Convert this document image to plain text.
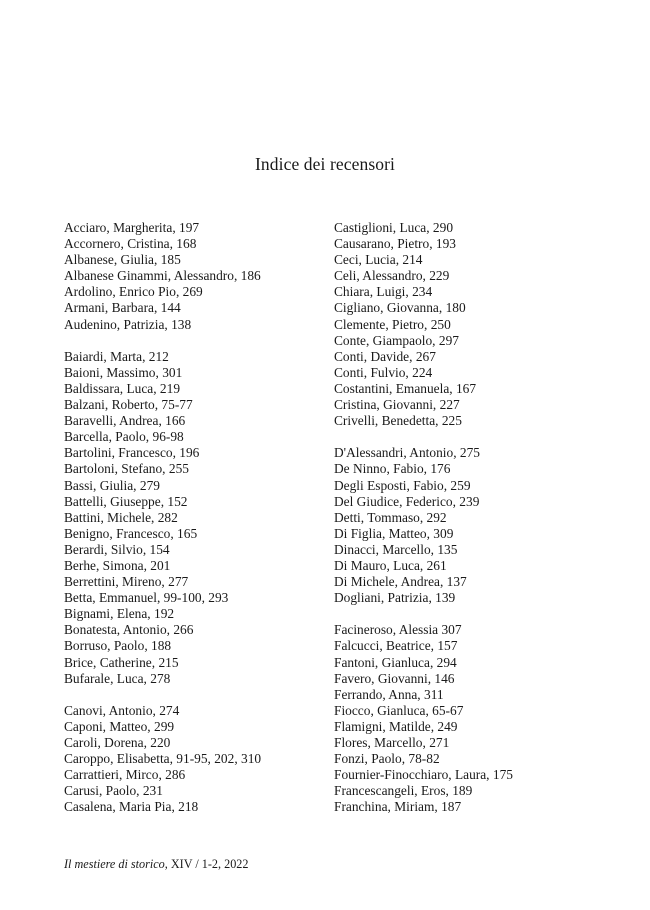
Indice dei recensori
Acciaro, Margherita, 197
Accornero, Cristina, 168
Albanese, Giulia, 185
Albanese Ginammi, Alessandro, 186
Ardolino, Enrico Pio, 269
Armani, Barbara, 144
Audenino, Patrizia, 138
Baiardi, Marta, 212
Baioni, Massimo, 301
Baldissara, Luca, 219
Balzani, Roberto, 75-77
Baravelli, Andrea, 166
Barcella, Paolo, 96-98
Bartolini, Francesco, 196
Bartoloni, Stefano, 255
Bassi, Giulia, 279
Battelli, Giuseppe, 152
Battini, Michele, 282
Benigno, Francesco, 165
Berardi, Silvio, 154
Berhe, Simona, 201
Berrettini, Mireno, 277
Betta, Emmanuel, 99-100, 293
Bignami, Elena, 192
Bonatesta, Antonio, 266
Borruso, Paolo, 188
Brice, Catherine, 215
Bufarale, Luca, 278
Canovi, Antonio, 274
Caponi, Matteo, 299
Caroli, Dorena, 220
Caroppo, Elisabetta, 91-95, 202, 310
Carrattieri, Mirco, 286
Carusi, Paolo, 231
Casalena, Maria Pia, 218
Castiglioni, Luca, 290
Causarano, Pietro, 193
Ceci, Lucia, 214
Celi, Alessandro, 229
Chiara, Luigi, 234
Cigliano, Giovanna, 180
Clemente, Pietro, 250
Conte, Giampaolo, 297
Conti, Davide, 267
Conti, Fulvio, 224
Costantini, Emanuela, 167
Cristina, Giovanni, 227
Crivelli, Benedetta, 225
D'Alessandri, Antonio, 275
De Ninno, Fabio, 176
Degli Esposti, Fabio, 259
Del Giudice, Federico, 239
Detti, Tommaso, 292
Di Figlia, Matteo, 309
Dinacci, Marcello, 135
Di Mauro, Luca, 261
Di Michele, Andrea, 137
Dogliani, Patrizia, 139
Facineroso, Alessia 307
Falcucci, Beatrice, 157
Fantoni, Gianluca, 294
Favero, Giovanni, 146
Ferrando, Anna, 311
Fiocco, Gianluca, 65-67
Flamigni, Matilde, 249
Flores, Marcello, 271
Fonzi, Paolo, 78-82
Fournier-Finocchiaro, Laura, 175
Francescangeli, Eros, 189
Franchina, Miriam, 187
Il mestiere di storico, XIV / 1-2, 2022
